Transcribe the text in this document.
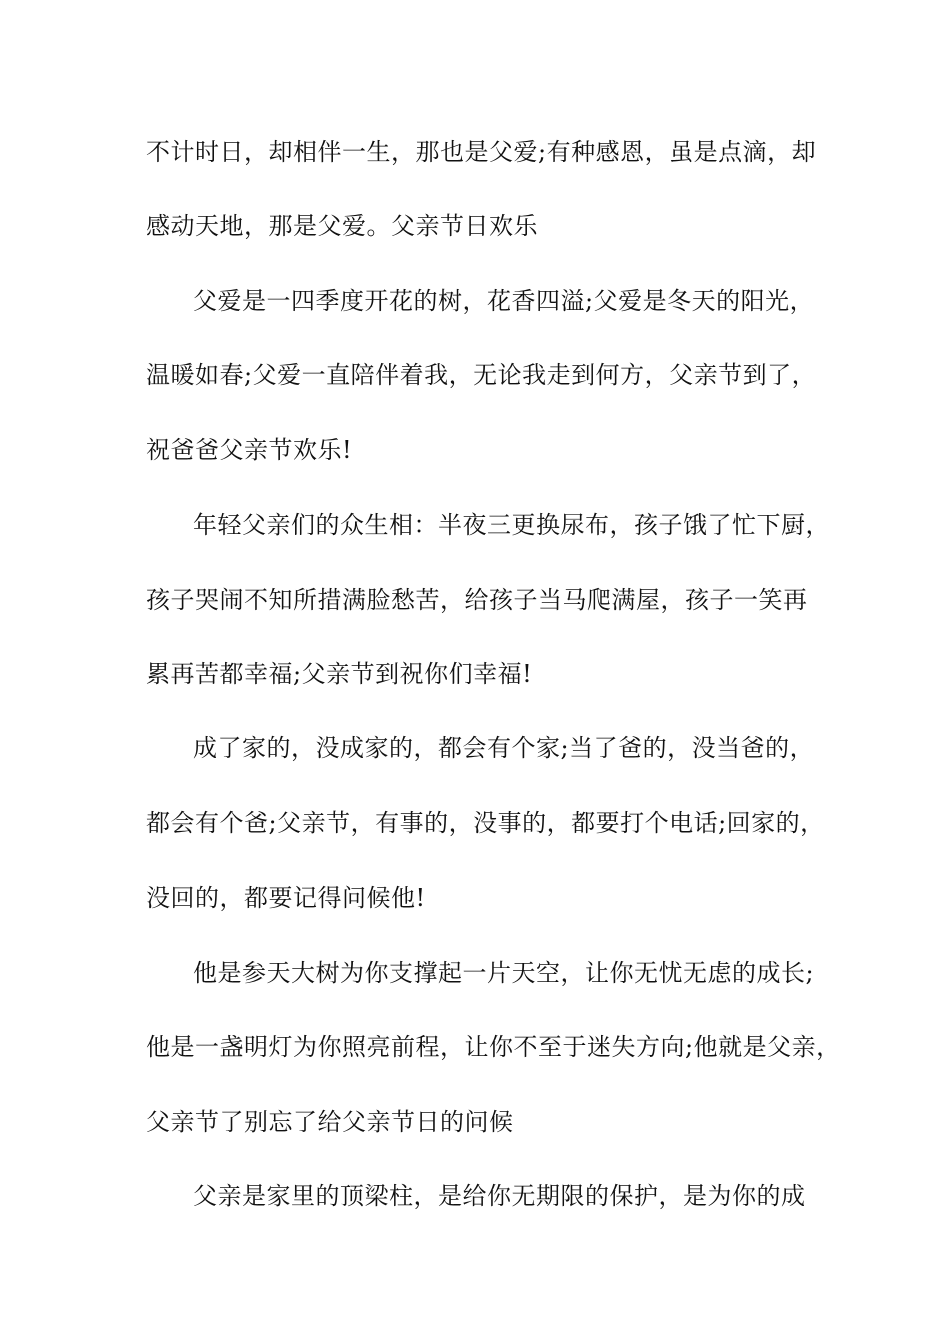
不计时日，却相伴一生，那也是父爱;有种感恩，虽是点滴，却
感动天地，那是父爱。父亲节日欢乐
父爱是一四季度开花的树，花香四溢;父爱是冬天的阳光，
温暖如春;父爱一直陪伴着我，无论我走到何方，父亲节到了，
祝爸爸父亲节欢乐!
年轻父亲们的众生相：半夜三更换尿布，孩子饿了忙下厨，
孩子哭闹不知所措满脸愁苦，给孩子当马爬满屋，孩子一笑再
累再苦都幸福;父亲节到祝你们幸福!
成了家的，没成家的，都会有个家;当了爸的，没当爸的，
都会有个爸;父亲节，有事的，没事的，都要打个电话;回家的，
没回的，都要记得问候他!
他是参天大树为你支撑起一片天空，让你无忧无虑的成长;
他是一盏明灯为你照亮前程，让你不至于迷失方向;他就是父亲，
父亲节了别忘了给父亲节日的问候
父亲是家里的顶梁柱，是给你无期限的保护，是为你的成
